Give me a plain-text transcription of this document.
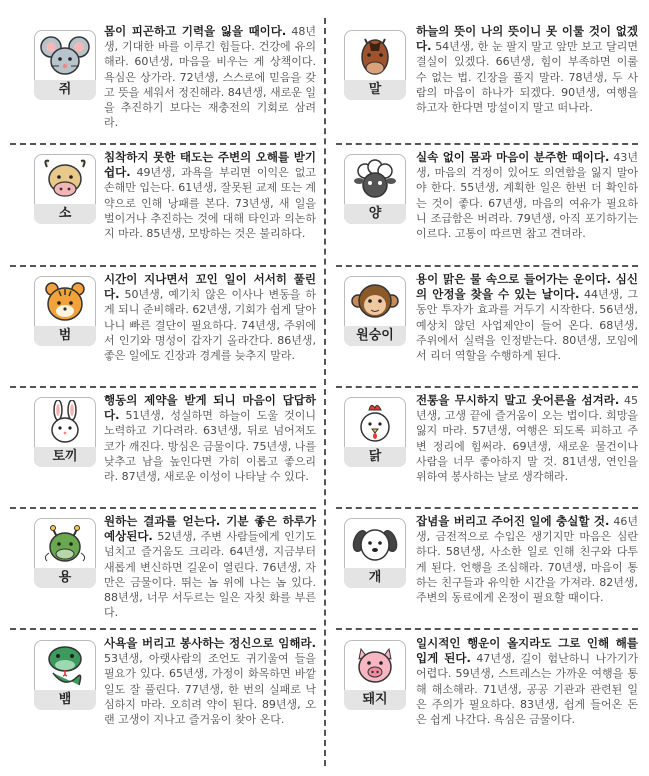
쥐

몸이 피곤하고 기력을 잃을 때이다. 48년생, 기대한 바를 이루긴 힘들다. 건강에 유의해라. 60년생, 마음을 비우는 게 상책이다. 욕심은 상가라. 72년생, 스스로에 믿음을 갖고 뜻을 세워서 정진해라. 84년생, 새로운 일을 추진하기 보다는 재충전의 기회로 삼려라.

소

침착하지 못한 태도는 주변의 오해를 받기 쉽다. 49년생, 과욕을 부리면 이익은 없고 손해만 입는다. 61년생, 잘못된 교제 또는 계약으로 인해 낭패를 본다. 73년생, 새 일을 벌이거나 추진하는 것에 대해 타인과 의논하지 마라. 85년생, 모방하는 것은 불리하다.

범

시간이 지나면서 꼬인 일이 서서히 풀린다. 50년생, 예기치 않은 이사나 변동을 하게 되니 준비해라. 62년생, 기회가 쉽게 달아나니 빠른 결단이 필요하다. 74년생, 주위에서 인기와 명성이 갑자기 올라간다. 86년생, 좋은 일에도 긴장과 경계를 늦추지 말라.

토끼

행동의 제약을 받게 되니 마음이 답답하다. 51년생, 성실하면 하늘이 도울 것이니 노력하고 기다려라. 63년생, 뒤로 넘어져도 코가 깨진다. 방심은 금물이다. 75년생, 나를 낮추고 남을 높인다면 가히 이롭고 좋으리라. 87년생, 새로운 이성이 나타날 수 있다.

용

원하는 결과를 얻는다. 기분 좋은 하루가 예상된다. 52년생, 주변 사람들에게 인기도 넘치고 즐거움도 크리라. 64년생, 지금부터 새롭게 변신하면 길운이 열린다. 76년생, 자만은 금물이다. 뛰는 놈 위에 나는 놈 있다. 88년생, 너무 서두르는 일은 자칫 화를 부른다.

뱀

사욕을 버리고 봉사하는 정신으로 임해라. 53년생, 아랫사람의 조언도 귀기울여 들을 필요가 있다. 65년생, 가정이 화목하면 바깥 일도 잘 풀린다. 77년생, 한 번의 실패로 낙심하지 마라. 오히려 약이 된다. 89년생, 오랜 고생이 지나고 즐거움이 찾아 온다.

말

하늘의 뜻이 나의 뜻이니 못 이룰 것이 없겠다. 54년생, 한 눈 팔지 말고 앞만 보고 달리면 결실이 있겠다. 66년생, 힘이 부족하면 이룰 수 없는 법. 긴장을 풀지 말라. 78년생, 두 사람의 마음이 하나가 되겠다. 90년생, 여행을 하고자 한다면 망설이지 말고 떠나라.

양

실속 없이 몸과 마음이 분주한 때이다. 43년생, 마음의 걱정이 있어도 의연함을 잃지 말아야 한다. 55년생, 계획한 일은 한번 더 확인하는 것이 좋다. 67년생, 마음의 여유가 필요하니 조급함은 버려라. 79년생, 아직 포기하기는 이르다. 고통이 따르면 참고 견뎌라.

원숭이

용이 맑은 물 속으로 들어가는 운이다. 심신의 안정을 찾을 수 있는 날이다. 44년생, 그 동안 투자가 효과를 거두기 시작한다. 56년생, 예상치 않던 사업제안이 들어 온다. 68년생, 주위에서 실력을 인정받는다. 80년생, 모임에서 리더 역할을 수행하게 된다.

닭

전통을 무시하지 말고 웃어른을 섬겨라. 45년생, 고생 끝에 즐거움이 오는 법이다. 희망을 잃지 마라. 57년생, 여행은 되도록 피하고 주변 정리에 힘써라. 69년생, 새로운 물건이나 사람을 너무 좋아하지 말 것. 81년생, 연인을 위하여 봉사하는 날로 생각해라.

개

잡념을 버리고 주어진 일에 충실할 것. 46년생, 금전적으로 수입은 생기지만 마음은 심란하다. 58년생, 사소한 일로 인해 친구와 다투게 된다. 언행을 조심해라. 70년생, 마음이 통하는 친구들과 유익한 시간을 가져라. 82년생, 주변의 동료에게 온정이 필요할 때이다.

돼지

일시적인 행운이 올지라도 그로 인해 해를 입게 된다. 47년생, 길이 험난하니 나가기가 어렵다. 59년생, 스트레스는 가까운 여행을 통해 해소해라. 71년생, 공공 기관과 관련된 일은 주의가 필요하다. 83년생, 쉽게 들어온 돈은 쉽게 나간다. 욕심은 금물이다.
